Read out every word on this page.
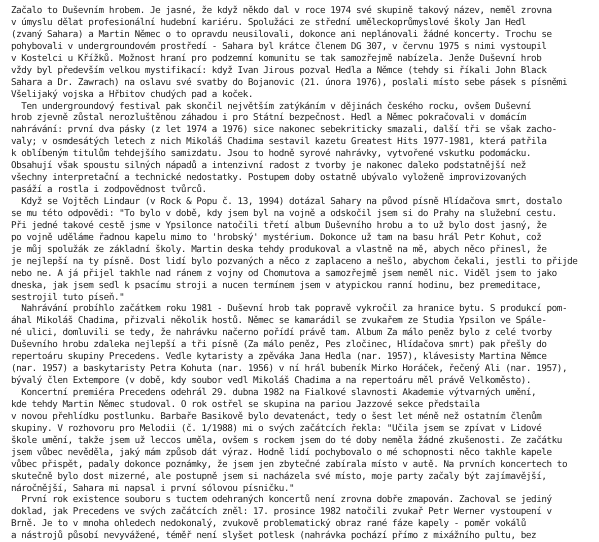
Začalo to Duševním hrobem. Je jasné, že když někdo dal v roce 1974 své skupině takový název, neměl zrovna
v úmyslu dělat profesionální hudební kariéru. Spolužáci ze střední uměleckoprůmyslové školy Jan Hedl
(zvaný Sahara) a Martin Němec o to opravdu neusilovali, dokonce ani neplánovali žádné koncerty. Trochu se
pohybovali v undergroundovém prostředí - Sahara byl krátce členem DG 307, v červnu 1975 s nimi vystoupil
v Kostelci u Křížků. Možnost hraní pro podzemní komunitu se tak samozřejmě nabízela. Jenže Duševní hrob
vždy byl především velkou mystifikací: když Ivan Jirous pozval Hedla a Němce (tehdy si říkali John Black
Sahara a Dr. Zawrach) na oslavu své svatby do Bojanovic (21. února 1976), poslali místo sebe pásek s písněmi
Všelijaký vojska a Hřbitov chudých pad a koček.
Ten undergroundový festival pak skončil největším zatýkáním v dějinách českého rocku, ovšem Duševní
hrob zjevně zůstal nerozluštěnou záhadou i pro Státní bezpečnost. Hedl a Němec pokračovali v domácím
nahrávání: první dva pásky (z let 1974 a 1976) sice nakonec sebekriticky smazali, další tři se však zacho-
valy; v osmdesátých letech z nich Mikoláš Chadima sestavil kazetu Greatest Hits 1977-1981, která patřila
k oblíbeným titulům tehdejšího samizdatu. Jsou to hodně syrové nahrávky, vytvořené vskutku podomácku.
Obsahují však spoustu silných nápadů a intenzivní radost z tvorby je nakonec daleko podstatnější než
všechny interpretační a technické nedostatky. Postupem doby ostatně ubývalo vyloženě improvizovaných
pasáží a rostla i zodpovědnost tvůrců.
Když se Vojtěch Lindaur (v Rock & Popu č. 13, 1994) dotázal Sahary na původ písně Hlídačova smrt, dostalo
se mu této odpovědi: "To bylo v době, kdy jsem byl na vojně a odskočil jsem si do Prahy na služební cestu.
Při jedné takové cestě jsme v Ypsilonce natočili třetí album Duševního hrobu a to už bylo dost jasný, že
po vojně uděláme řadnou kapelu mimo to 'hrobský' mystérium. Dokonce už tam na basu hrál Petr Kohut, což
je můj spolužák ze základní školy. Martin deska tehdy produkoval a vlastně na mě, abych něco přinesl, že
je nejlepší na ty písně. Dost lidí bylo pozvaných a něco z zaplaceno a nešlo, abychom čekali, jestli to přijde
nebo ne. A já přijel takhle nad ránem z vojny od Chomutova a samozřejmě jsem neměl nic. Viděl jsem to jako
dneska, jak jsem sedl k psacímu stroji a nucen termínem jsem v atypickou ranní hodinu, bez premeditace,
sestrojil tuto píseň."
Nahrávání probíhlo začátkem roku 1981 - Duševní hrob tak popravě vykročil za hranice bytu. S produkcí pom-
áhal Mikoláš Chadima, přizvali několik hostů. Němec se kamarádil se zvukařem ze Studia Ypsilon ve Spále-
né ulici, domluvili se tedy, že nahrávku načerno pořídí právě tam. Album Za málo peněz bylo z celé tvorby
Duševního hrobu zdaleka nejlepší a tři písně (Za málo peněz, Pes zločinec, Hlídačova smrt) pak přešly do
repertoáru skupiny Precedens. Vedle kytaristy a zpěváka Jana Hedla (nar. 1957), klávesisty Martina Němce
(nar. 1957) a baskytaristy Petra Kohuta (nar. 1956) v ní hrál bubeník Mirko Horáček, řečený Ali (nar. 1957),
bývalý člen Extempore (v době, kdy soubor vedl Mikoláš Chadima a na repertoáru měl právě Velkoměsto).
Koncertní premiéra Precedens odehrál 29. dubna 1982 na Fialkové slavnosti Akademie výtvarných umění,
kde tehdy Martin Němec studoval. O rok ostřel se skupina na pariou Jazzové sekce předstaila
v novou přehlídku postlunku. Barbaře Basikově bylo devatenáct, tedy o šest let méně než ostatním členům
skupiny. V rozhovoru pro Melodii (č. 1/1988) mi o svých začátcích řekla: "Učila jsem se zpívat v Lidové
škole umění, takže jsem už leccos uměla, ovšem s rockem jsem do té doby neměla žádné zkušenosti. Ze začátku
jsem vůbec nevěděla, jaký mám způsob dát výraz. Hodně lidí pochybovalo o mé schopnosti něco takhle kapele
vůbec přispět, padaly dokonce poznámky, že jsem jen zbytečné zabírala místo v autě. Na prvních koncertech to
skutečně bylo dost mizerné, ale postupně jsem si nacházela své místo, moje party začaly být zajímavější,
náročnější, Sahara mi napsal i první sólovou písničku."
První rok existence souboru s tuctem odehraných koncertů není zrovna dobře zmapován. Zachoval se jediný
doklad, jak Precedens ve svých začátcích zněl: 17. prosince 1982 natočili zvukař Petr Werner vystoupení v
Brně. Je to v mnoha ohledech nedokonalý, zvukově problematický obraz rané fáze kapely - poměr vokálů
a nástrojů působí nevyvážené, téměř není slyšet potlesk (nahrávka pochází přímo z mixážního pultu, bez
